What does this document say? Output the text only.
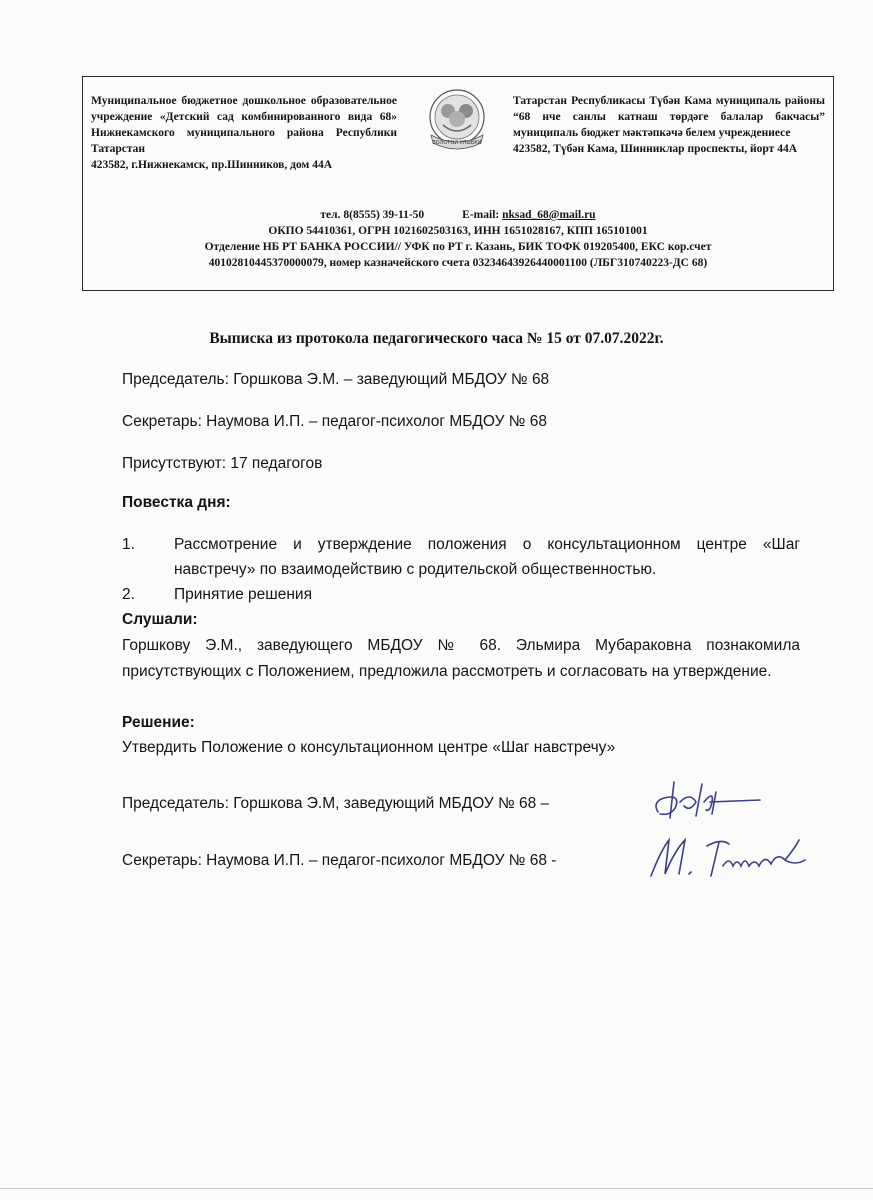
Муниципальное бюджетное дошкольное образовательное учреждение «Детский сад комбинированного вида 68» Нижнекамского муниципального района Республики Татарстан
423582, г.Нижнекамск, пр.Шинников, дом 44А
ЗОЛОТОЙ УЛЫБКИ
Татарстан Республикасы Түбән Кама муниципаль районы “68 нче санлы катнаш төрдәге балалар бакчасы” муниципаль бюджет мәктәпкәчә белем учреждениесе
423582, Түбән Кама, Шинниклар проспекты, йорт 44А
тел. 8(8555) 39-11-50	E-mail: nksad_68@mail.ru
ОКПО 54410361, ОГРН 1021602503163, ИНН 1651028167, КПП 165101001
Отделение НБ РТ БАНКА РОССИИ// УФК по РТ г. Казань, БИК ТОФК 019205400, ЕКС кор.счет
40102810445370000079, номер казначейского счета 03234643926440001100 (ЛБГ310740223-ДС 68)
Выписка из протокола педагогического часа № 15 от 07.07.2022г.
Председатель: Горшкова Э.М. – заведующий МБДОУ № 68
Секретарь: Наумова И.П. – педагог-психолог МБДОУ № 68
Присутствуют: 17 педагогов
Повестка дня:
1.	Рассмотрение и утверждение положения о консультационном центре «Шаг навстречу» по взаимодействию с родительской общественностью.
2.	Принятие решения
Слушали:
Горшкову Э.М., заведующего МБДОУ № 68. Эльмира Мубараковна познакомила присутствующих с Положением, предложила рассмотреть и согласовать на утверждение.
Решение:
Утвердить Положение о консультационном центре «Шаг навстречу»
Председатель: Горшкова Э.М, заведующий МБДОУ № 68 –
Секретарь: Наумова И.П. – педагог-психолог МБДОУ № 68 -
